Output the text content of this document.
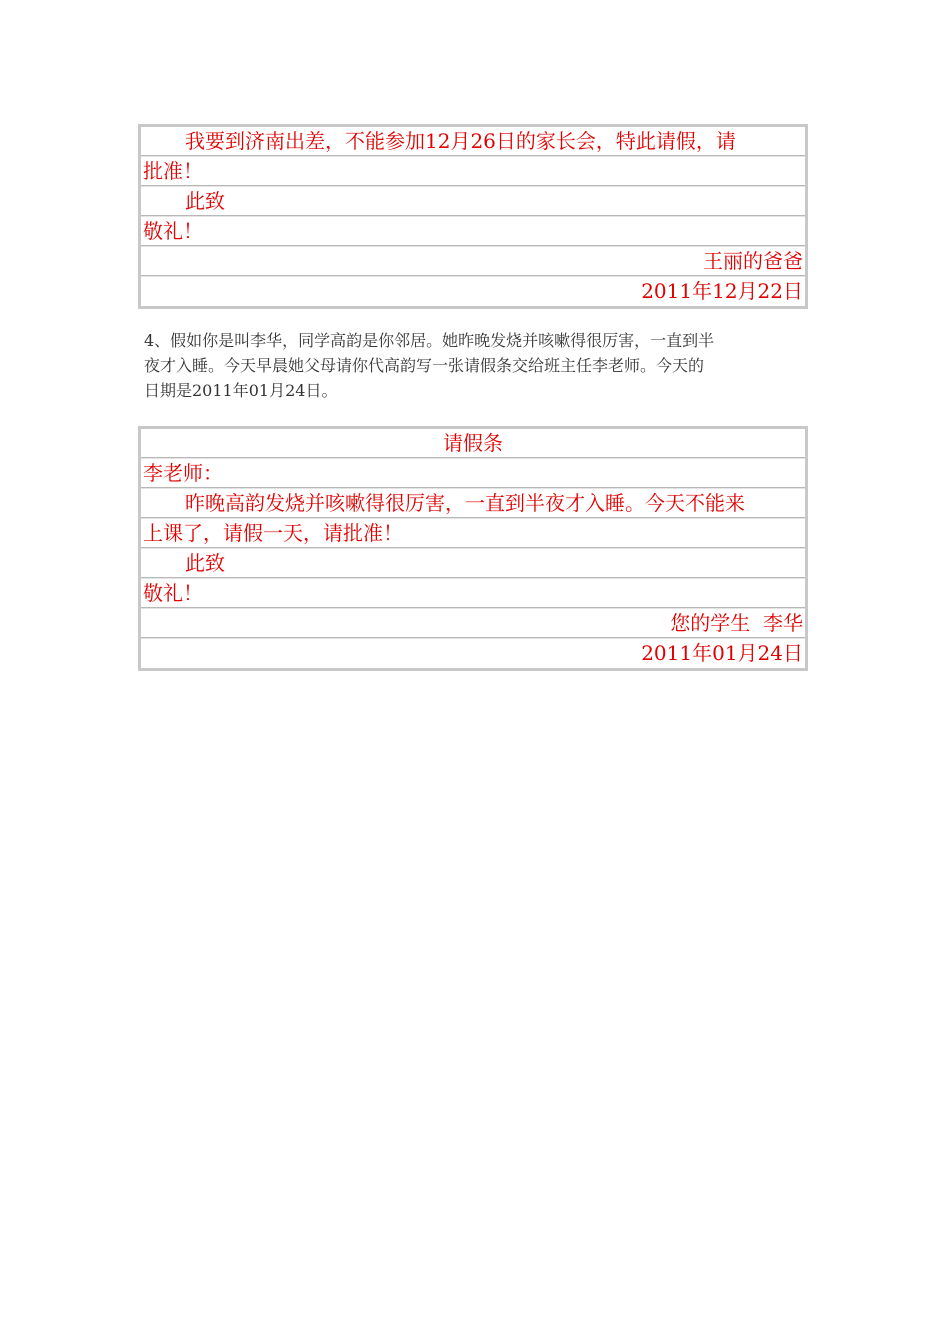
我要到济南出差，不能参加12月26日的家长会，特此请假，请
批准！
此致
敬礼！
王丽的爸爸
2011年12月22日

4、假如你是叫李华，同学高韵是你邻居。她昨晚发烧并咳嗽得很厉害，一直到半

夜才入睡。今天早晨她父母请你代高韵写一张请假条交给班主任李老师。今天的

日期是2011年01月24日。

请假条
李老师：
昨晚高韵发烧并咳嗽得很厉害，一直到半夜才入睡。今天不能来
上课了，请假一天，请批准！
此致
敬礼！
您的学生  李华
2011年01月24日
